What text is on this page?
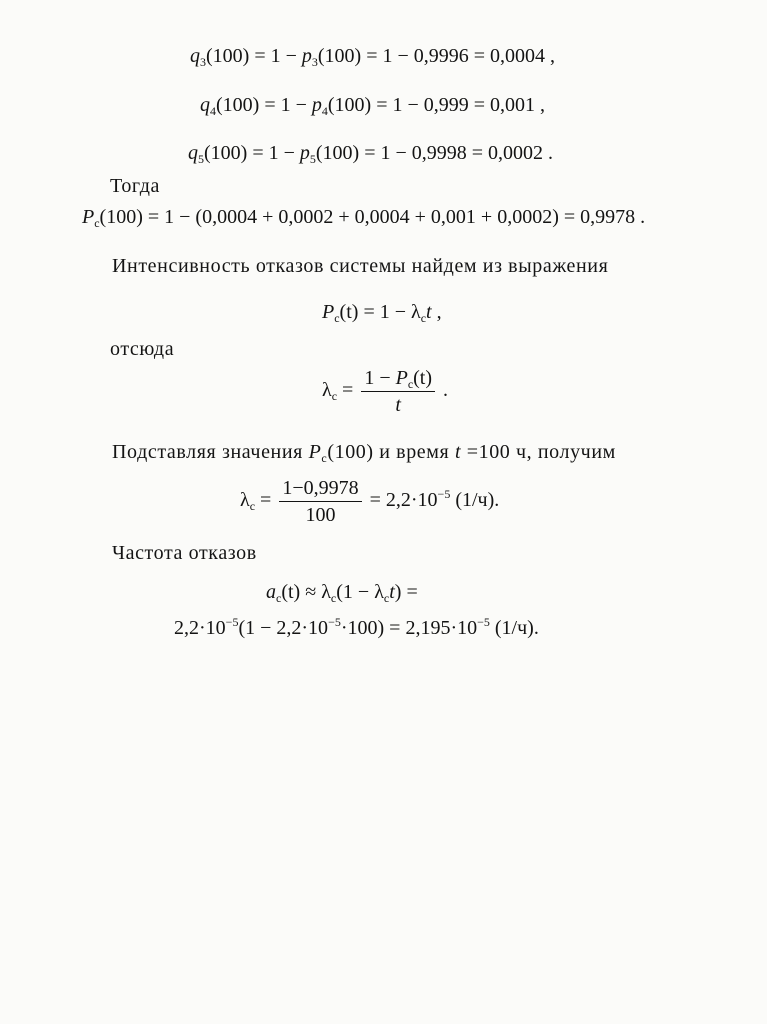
$q_3(100) = 1 - p_3(100) = 1 - 0,9996 = 0,0004$ ,
$q_4(100) = 1 - p_4(100) = 1 - 0,999 = 0,001$ ,
$q_5(100) = 1 - p_5(100) = 1 - 0,9998 = 0,0002$ .
Тогда
$P_c(100) = 1 - (0,0004 + 0,0002 + 0,0004 + 0,001 + 0,0002) = 0,9978$ .
Интенсивность отказов системы найдем из выражения
$P_c(t) = 1 - \lambda_ct$ ,
отсюда
$\lambda_c = \frac{1 - P_c(t)}{t}$ .
Подставляя значения $P_c(100)$ и время t =100 ч, получим
$\lambda_c = \frac{1-0,9978}{100} = 2,2\cdot 10^{-5}$ (1/ч).
Частота отказов
$a_c(t) \approx \lambda_c(1 - \lambda_ct)$ =
$2,2\cdot 10^{-5}(1 - 2,2\cdot 10^{-5}\cdot 100) = 2,195\cdot 10^{-5}$ (1/ч).
